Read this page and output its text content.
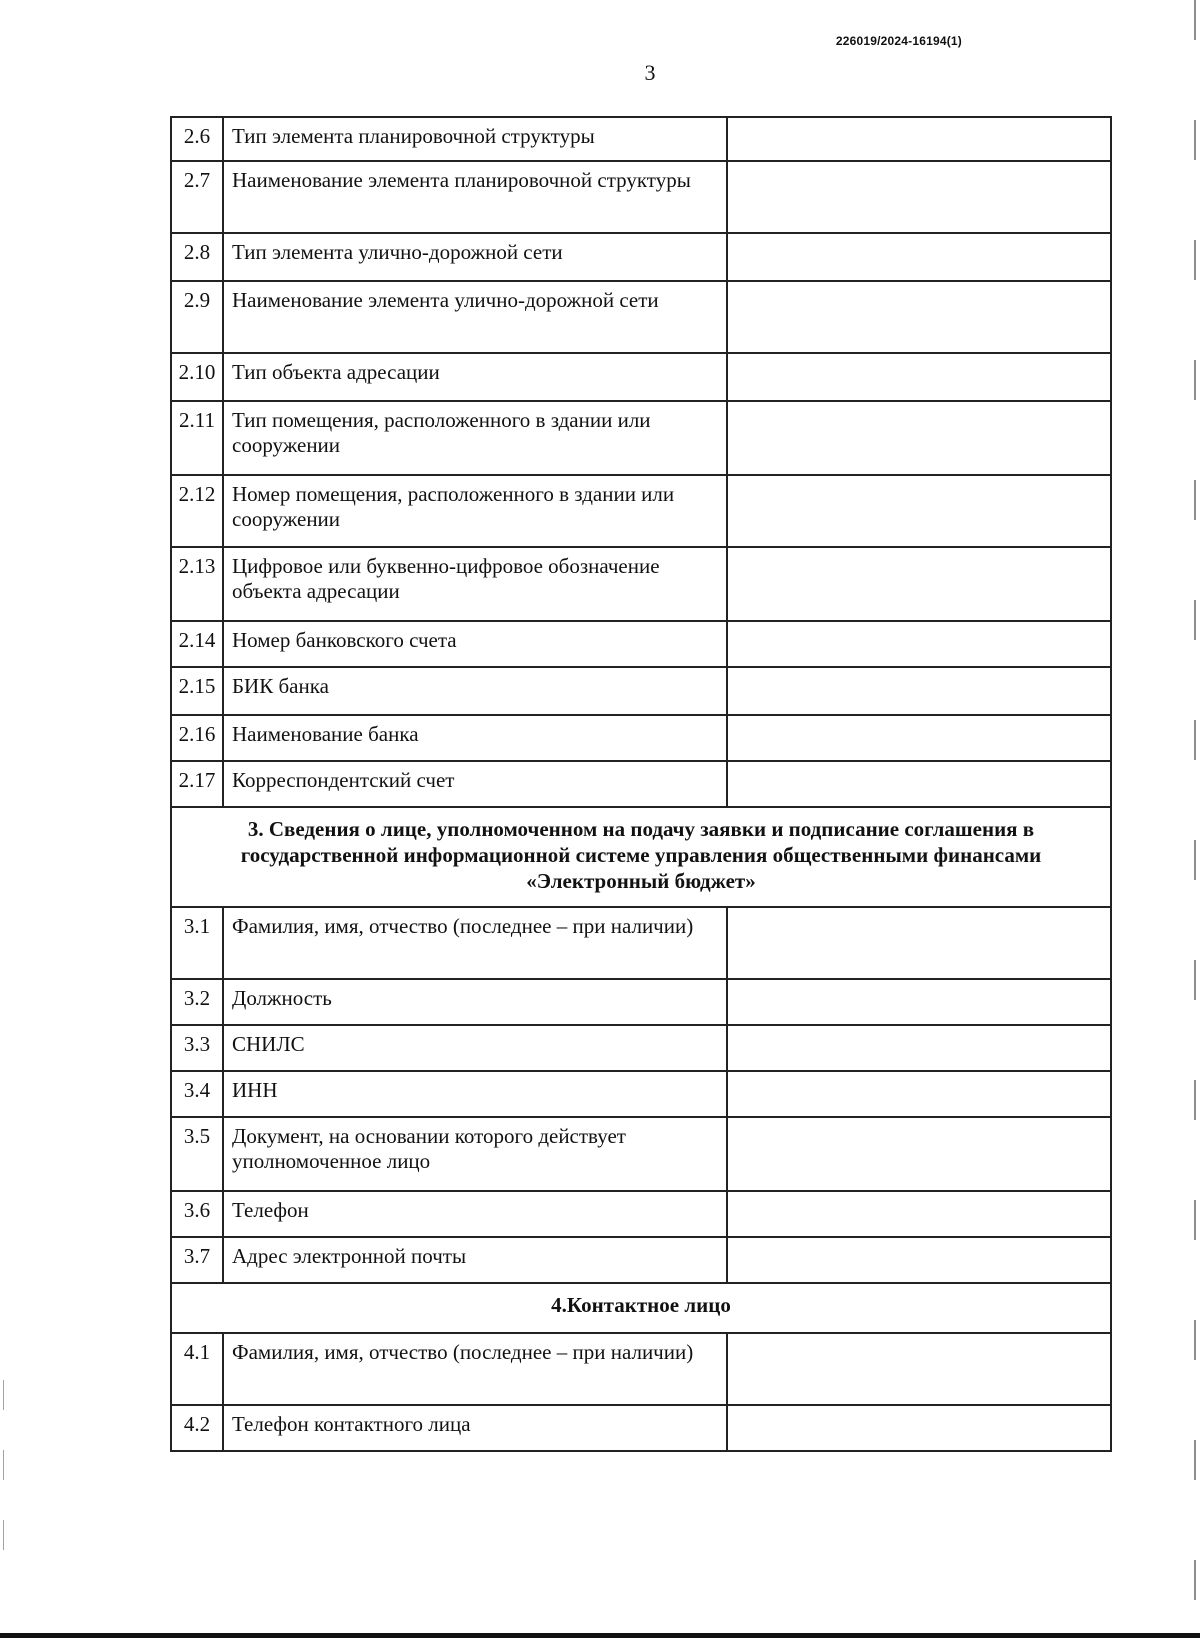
226019/2024-16194(1)
3
2.6	Тип элемента планировочной структуры	
2.7	Наименование элемента планировочной структуры	
2.8	Тип элемента улично-дорожной сети	
2.9	Наименование элемента улично-дорожной сети	
2.10	Тип объекта адресации	
2.11	Тип помещения, расположенного в здании или сооружении	
2.12	Номер помещения, расположенного в здании или сооружении	
2.13	Цифровое или буквенно-цифровое обозначение объекта адресации	
2.14	Номер банковского счета	
2.15	БИК банка	
2.16	Наименование банка	
2.17	Корреспондентский счет	
3. Сведения о лице, уполномоченном на подачу заявки и подписание соглашения в государственной информационной системе управления общественными финансами «Электронный бюджет»		
3.1	Фамилия, имя, отчество (последнее – при наличии)	
3.2	Должность	
3.3	СНИЛС	
3.4	ИНН	
3.5	Документ, на основании которого действует уполномоченное лицо	
3.6	Телефон	
3.7	Адрес электронной почты	
4.Контактное лицо		
4.1	Фамилия, имя, отчество (последнее – при наличии)	
4.2	Телефон контактного лица	
